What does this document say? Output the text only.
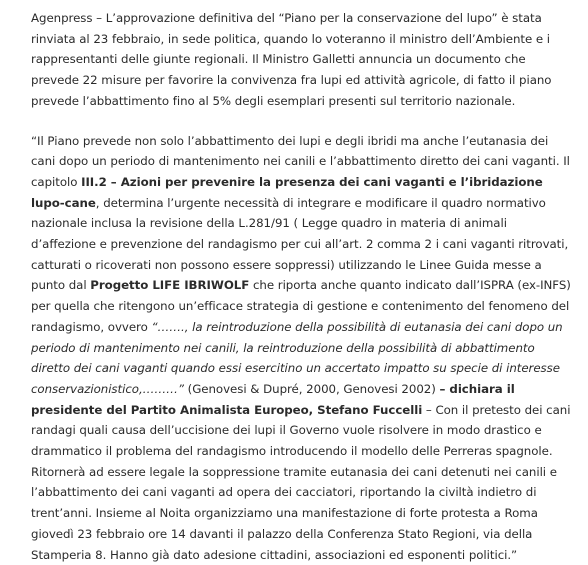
Agenpress – L’approvazione definitiva del “Piano per la conservazione del lupo” è stata rinviata al 23 febbraio, in sede politica, quando lo voteranno il ministro dell’Ambiente e i rappresentanti delle giunte regionali. Il Ministro Galletti annuncia un documento che prevede 22 misure per favorire la convivenza fra lupi ed attività agricole, di fatto il piano prevede l’abbattimento fino al 5% degli esemplari presenti sul territorio nazionale.

“Il Piano prevede non solo l’abbattimento dei lupi e degli ibridi ma anche l’eutanasia dei cani dopo un periodo di mantenimento nei canili e l’abbattimento diretto dei cani vaganti. Il capitolo III.2 – Azioni per prevenire la presenza dei cani vaganti e l’ibridazione lupo-cane, determina l’urgente necessità di integrare e modificare il quadro normativo nazionale inclusa la revisione della L.281/91 ( Legge quadro in materia di animali d’affezione e prevenzione del randagismo per cui all’art. 2 comma 2 i cani vaganti ritrovati, catturati o ricoverati non possono essere soppressi) utilizzando le Linee Guida messe a punto dal Progetto LIFE IBRIWOLF che riporta anche quanto indicato dall’ISPRA (ex-INFS) per quella che ritengono un’efficace strategia di gestione e contenimento del fenomeno del randagismo, ovvero “……., la reintroduzione della possibilità di eutanasia dei cani dopo un periodo di mantenimento nei canili, la reintroduzione della possibilità di abbattimento diretto dei cani vaganti quando essi esercitino un accertato impatto su specie di interesse conservazionistico,………” (Genovesi & Dupré, 2000, Genovesi 2002) – dichiara il presidente del Partito Animalista Europeo, Stefano Fuccelli – Con il pretesto dei cani randagi quali causa dell’uccisione dei lupi il Governo vuole risolvere in modo drastico e drammatico il problema del randagismo introducendo il modello delle Perreras spagnole. Ritornerà ad essere legale la soppressione tramite eutanasia dei cani detenuti nei canili e l’abbattimento dei cani vaganti ad opera dei cacciatori, riportando la civiltà indietro di trent’anni. Insieme al Noita organizziamo una manifestazione di forte protesta a Roma giovedì 23 febbraio ore 14 davanti il palazzo della Conferenza Stato Regioni, via della Stamperia 8. Hanno già dato adesione cittadini, associazioni ed esponenti politici.”
